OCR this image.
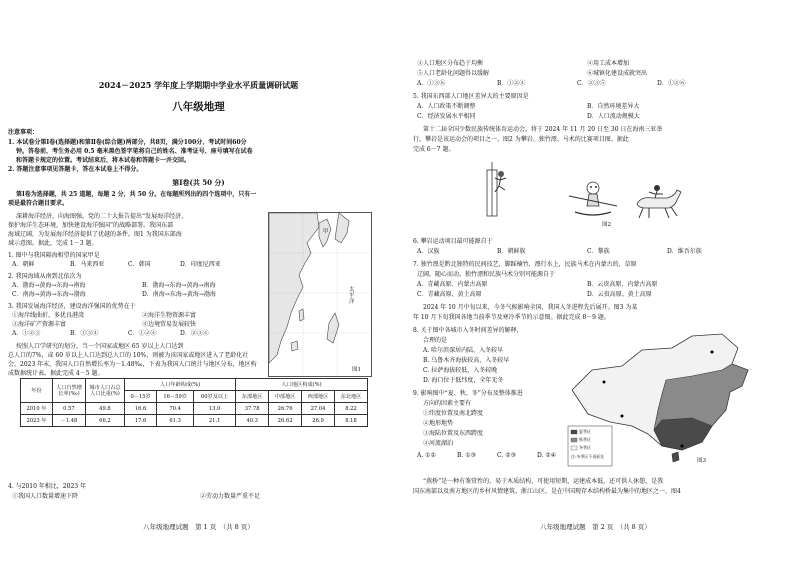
2024－2025 学年度上学期期中学业水平质量调研试题
八年级地理
注意事项：
1. 本试卷分第Ⅰ卷(选择题)和第Ⅱ卷(综合题)两部分，共8页，满分100分，考试时间60分
钟。答卷前，考生务必用 0.5 毫米黑色签字笔将自己的姓名、准考证号、座号填写在试卷
和答题卡规定的位置。考试结束后，将本试卷和答题卡一并交回。
2. 答题注意事项见答题卡，答在本试卷上不得分。
第Ⅰ卷(共 50 分)
第Ⅰ卷为选择题，共 25 道题，每题 2 分，共 50 分。在每题所列出的四个选项中，只有一
项是最符合题目要求。
深耕海洋经济，向海图强。党的二十大报告提出“发展海洋经济，
保护海洋生态环境，加快建设海洋强国”的战略部署。我国东部
海域辽阔，为发展海洋经济提供了优越的条件。图1 为我国东部海
域示意图。据此，完成 1－3 题。
1. 图中与我国隔海相望的国家甲是
A．朝鲜	B．马来西亚	C．韩国	D．印度尼西亚
2. 我国海域从南到北依次为
A．渤海→黄海→东海→南海	B．渤海→东海→黄海→南海
C．南海→黄海→东海→渤海	D．南海→东海→黄海→渤海
3. 我国发展海洋经济，建设海洋强国的优势在于
①海岸线曲折，多优良港湾	②海洋生物资源丰富
③海洋矿产资源丰富	④边境贸易发展较快
A．①②③	B．①③④	C．①②④	D．②③④
甲
太平洋
图1
按照人口学研究的划分，当一个国家或地区 65 岁以上人口达到
总人口的7%，或 60 岁以上人口达到总人口的 10%，则被为该国家或地区进入了老龄化社
会。2023 年末，我国人口自然增长率为－1.48‰，下表为我国人口统计与地区分布，地区构
成数据统计表。据此完成 4－5 题。
年份	人口自然增长率(‰)	城市人口占总人口比重(%)	人口年龄构成(%)			人口地区构成(%)			
			0－15岁	16－59岁	60岁及以上	东部地区	中部地区	西部地区	东北地区
2010 年	0.57	49.8	16.6	70.4	13.0	37.78	26.76	27.04	8.22
2023 年	－1.48	66.2	17.6	61.3	21.1	40.3	26.62	26.9	8.18
4. 与2010 年相比，2023 年
①我国人口数量增速下降	②劳动力数量严重不足
八年级地理试题　第 1 页　（共 8 页）
③人口地区分布趋于均衡	④用工成本增加
⑤人口老龄化问题得以缓解	⑥城镇化建设成就突出
A．①③⑥	B．①②④	C．②③⑤	D．①④⑥
5. 我国东西部人口地区差异大的主要原因是
A．人口政策不断调整	B．自然环境差异大
C．经济发展水平相同	D．人口流动规模大
第十二届全国少数民族传统体育运动会，将于 2024 年 11 月 20 日至 30 日在海南三亚举
行，攀岩是该运动会的项目之一。图2 为攀岩、独竹漂、马术的比赛项目图。据此
完成 6－7 题。
图2
6. 攀岩运动项目最可能源自于
A．汉族	B．朝鲜族	C．黎族	D．维吾尔族
7. 独竹漂是黔北独特的民间技艺，脚踩楠竹，漂行水上，民族马术在内蒙古的，草原
辽阔，随心而动。独竹漂和民族马术分别可能源自于
A．青藏高原、内蒙古高原	B．云贵高原、内蒙古高原
C．青藏高原、黄土高原	D．云贵高原、黄土高原
2024 年 10 月中旬以来，今冬气候影响全国，我国入冬进程先后展开。图3 为某
年 10 月下旬我国各地当前季节及寒冷季节的示意图。据此完成 8－9 题。
8. 关于图中各城市入冬时间差异的解释，
合理的是
A. 哈尔滨深居内陆，入冬较早
B. 乌鲁木齐海拔较高，入冬较早
C. 拉萨海拔较低，入冬较晚
D. 海口位于低纬度，全年无冬
9. 影响图中“夏、秋、冬”分布及整体推进
方向的因素主要有
①纬度位置及南北跨度
②地形地势
③海陆位置及东西跨度
④河流湖泊
A. ①②	B. ①③	C. ②③	D. ②④
夏季区
秋季区
冬季区
注:冬季区不再标注
图3
“燕桥”是一种有鉴赏性的，易于木质结构，可使用短期，运建成本低，还可供人休憩，是我
国东南部以及南方地区的乡村风情建筑。浙江山区，是在中国现存木结构桥最为集中的地区之一，图4
八年级地理试题　第 2 页　（共 8 页）
